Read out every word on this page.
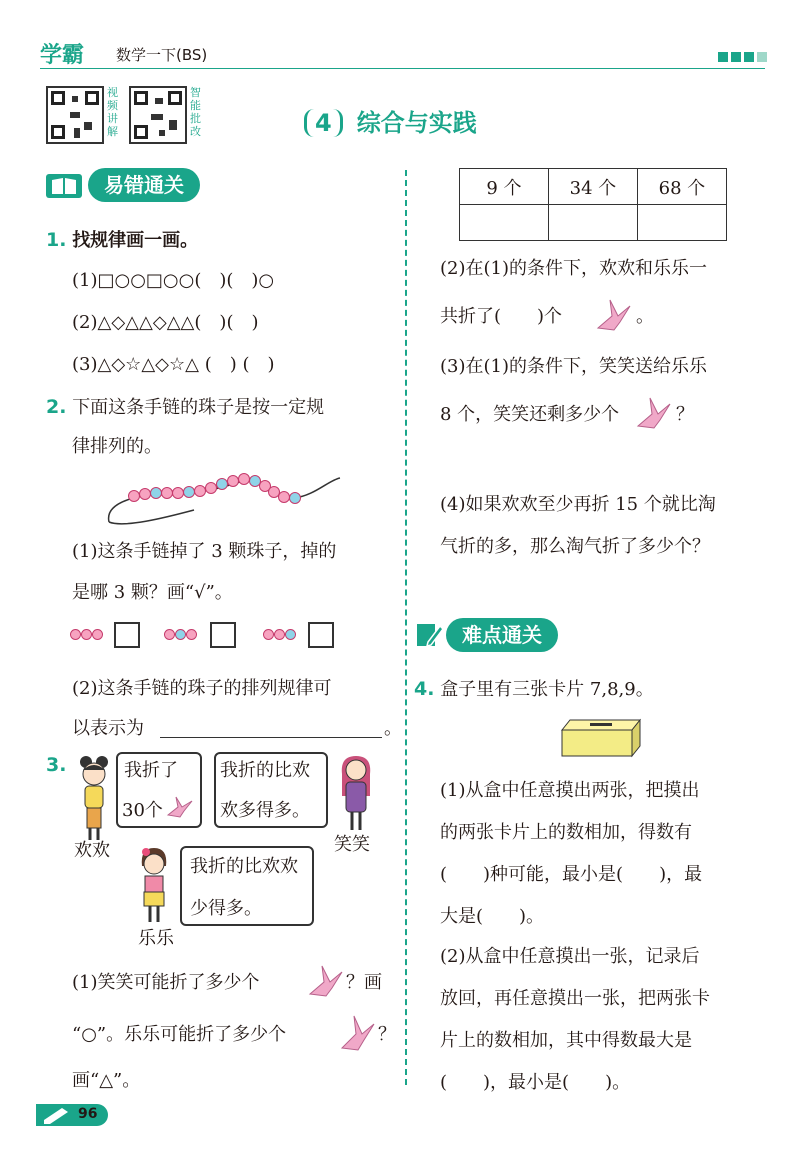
学霸 数学一下(BS)
视频讲解
智能批改	4 综合与实践
易错通关
1. 找规律画一画。
(1)□○○□○○(　)(　)○
(2)△◇△△◇△△(　)(　)
(3)△◇☆△◇☆△ (　) (　)
2. 下面这条手链的珠子是按一定规
律排列的。
(1)这条手链掉了 3 颗珠子，掉的
是哪 3 颗？画“√”。
(2)这条手链的珠子的排列规律可
以表示为	。
3.
欢欢
我折了
30个
我折的比欢
欢多得多。
笑笑
乐乐
我折的比欢欢
少得多。
(1)笑笑可能折了多少个	？画
“○”。乐乐可能折了多少个	？
画“△”。
9 个	34 个	68 个

(2)在(1)的条件下，欢欢和乐乐一
共折了(　　)个	。
(3)在(1)的条件下，笑笑送给乐乐
8 个，笑笑还剩多少个	？
(4)如果欢欢至少再折 15 个就比淘
气折的多，那么淘气折了多少个？
难点通关
4. 盒子里有三张卡片 7,8,9。
(1)从盒中任意摸出两张，把摸出
的两张卡片上的数相加，得数有
(　　)种可能，最小是(　　)，最
大是(　　)。
(2)从盒中任意摸出一张，记录后
放回，再任意摸出一张，把两张卡
片上的数相加，其中得数最大是
(　　)，最小是(　　)。
96
